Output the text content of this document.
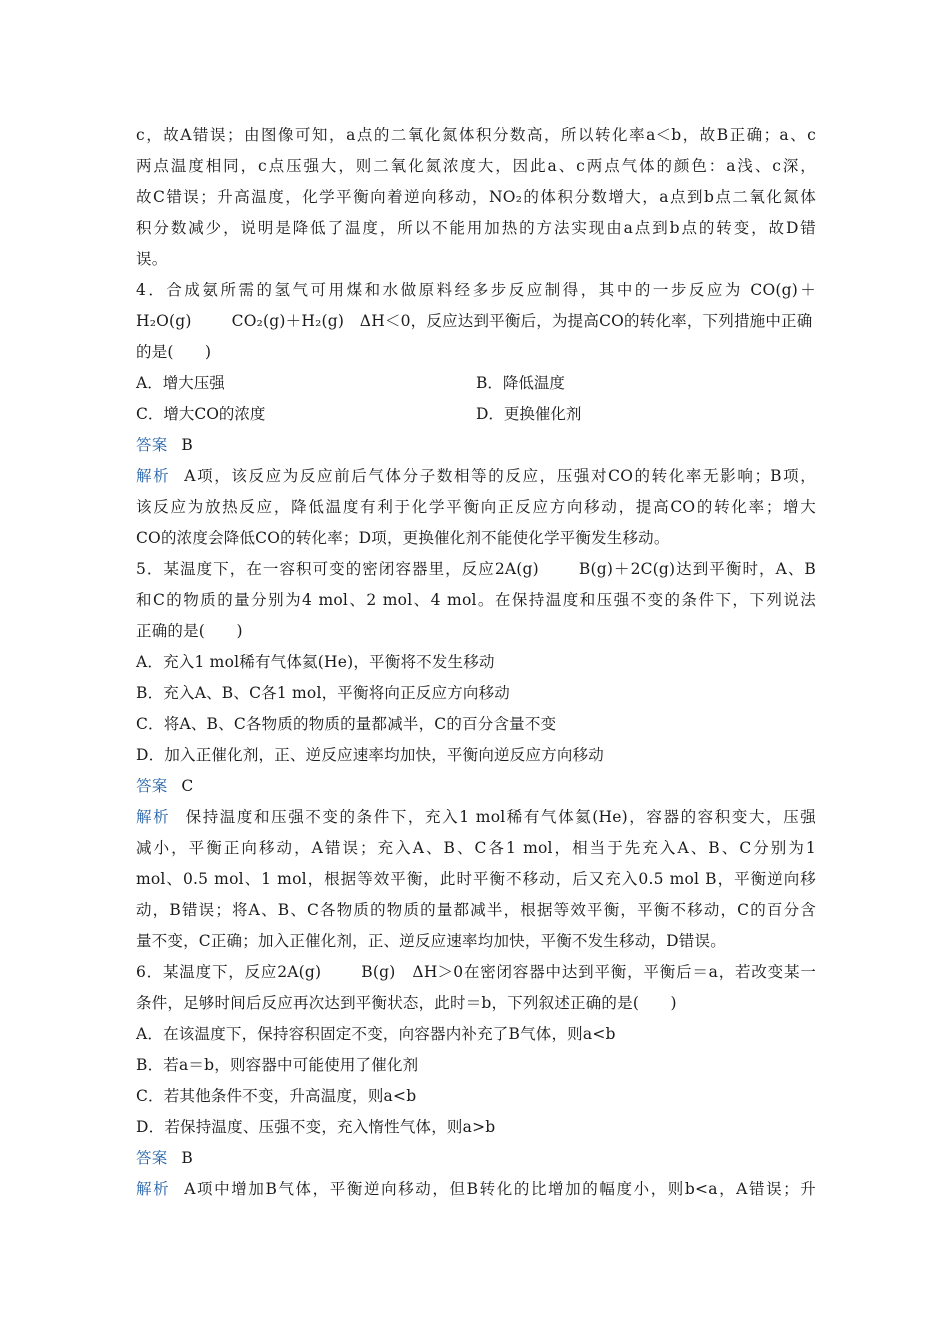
c，故A错误；由图像可知，a点的二氧化氮体积分数高，所以转化率a＜b，故B正确；a、c
两点温度相同，c点压强大，则二氧化氮浓度大，因此a、c两点气体的颜色：a浅、c深，
故C错误；升高温度，化学平衡向着逆向移动，NO₂的体积分数增大，a点到b点二氧化氮体
积分数减少，说明是降低了温度，所以不能用加热的方法实现由a点到b点的转变，故D错
误。
4．合成氨所需的氢气可用煤和水做原料经多步反应制得，其中的一步反应为 CO(g)＋
H₂O(g)	CO₂(g)＋H₂(g)　ΔH＜0，反应达到平衡后，为提高CO的转化率，下列措施中正确
的是(　　)
A．增大压强	B．降低温度
C．增大CO的浓度	D．更换催化剂
答案 B
解析 A项，该反应为反应前后气体分子数相等的反应，压强对CO的转化率无影响；B项，
该反应为放热反应，降低温度有利于化学平衡向正反应方向移动，提高CO的转化率；增大
CO的浓度会降低CO的转化率；D项，更换催化剂不能使化学平衡发生移动。
5．某温度下，在一容积可变的密闭容器里，反应2A(g)	B(g)＋2C(g)达到平衡时，A、B
和C的物质的量分别为4 mol、2 mol、4 mol。在保持温度和压强不变的条件下，下列说法
正确的是(　　)
A．充入1 mol稀有气体氦(He)，平衡将不发生移动
B．充入A、B、C各1 mol，平衡将向正反应方向移动
C．将A、B、C各物质的物质的量都减半，C的百分含量不变
D．加入正催化剂，正、逆反应速率均加快，平衡向逆反应方向移动
答案 C
解析 保持温度和压强不变的条件下，充入1 mol稀有气体氦(He)，容器的容积变大，压强
减小，平衡正向移动，A错误；充入A、B、C各1 mol，相当于先充入A、B、C分别为1
mol、0.5 mol、1 mol，根据等效平衡，此时平衡不移动，后又充入0.5 mol B，平衡逆向移
动，B错误；将A、B、C各物质的物质的量都减半，根据等效平衡，平衡不移动，C的百分含
量不变，C正确；加入正催化剂，正、逆反应速率均加快，平衡不发生移动，D错误。
6．某温度下，反应2A(g)	B(g)　ΔH＞0在密闭容器中达到平衡，平衡后＝a，若改变某一
条件，足够时间后反应再次达到平衡状态，此时＝b，下列叙述正确的是(　　)
A．在该温度下，保持容积固定不变，向容器内补充了B气体，则a<b
B．若a＝b，则容器中可能使用了催化剂
C．若其他条件不变，升高温度，则a<b
D．若保持温度、压强不变，充入惰性气体，则a>b
答案 B
解析 A项中增加B气体，平衡逆向移动，但B转化的比增加的幅度小，则b<a，A错误；升
